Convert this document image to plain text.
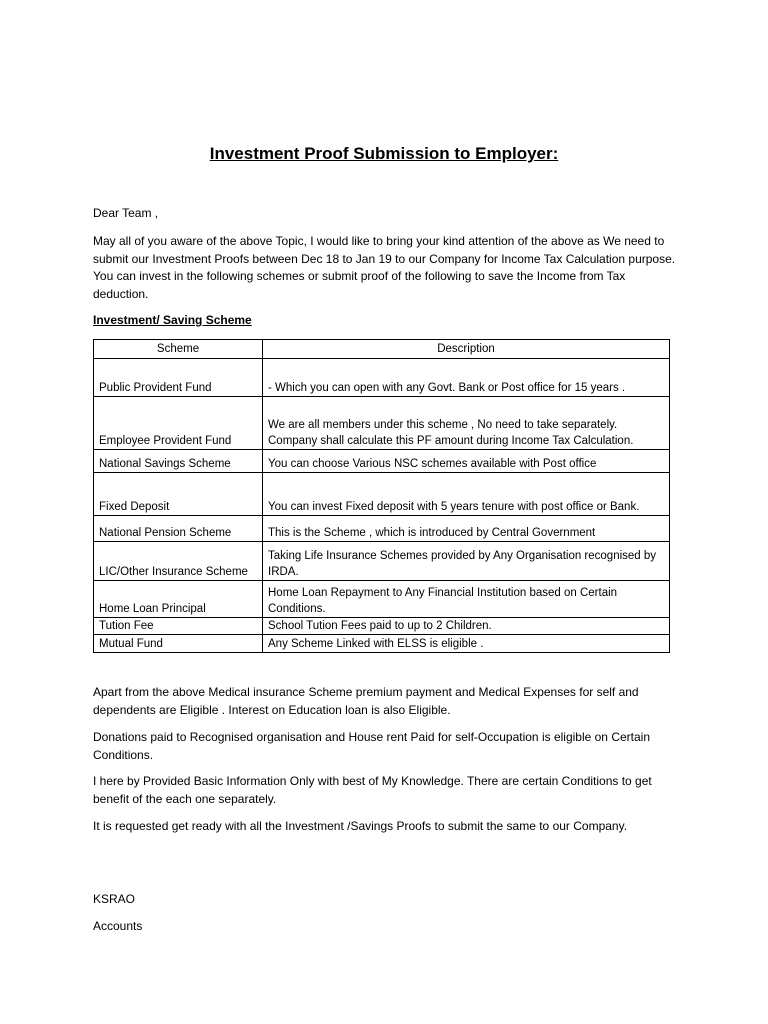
Investment Proof Submission to Employer:
Dear Team ,
May all of you aware of the above Topic, I would like to bring your kind attention of the above as We need to submit our Investment Proofs between Dec 18 to Jan 19 to our Company for Income Tax Calculation purpose. You can invest in the following schemes or submit proof of the following to save the Income from Tax deduction.
Investment/ Saving Scheme
Scheme	Description
Public Provident Fund	- Which you can open with any Govt. Bank or Post office for 15 years .
Employee Provident Fund	We are all members under this scheme , No need to take separately. Company shall calculate this PF amount during Income Tax Calculation.
National Savings Scheme	You can choose Various NSC schemes available with Post office
Fixed Deposit	You can invest Fixed deposit with 5 years tenure with post office or Bank.
National Pension Scheme	This is the Scheme , which is introduced by Central Government
LIC/Other Insurance Scheme	Taking Life Insurance Schemes provided by Any Organisation recognised by IRDA.
Home Loan Principal	Home Loan Repayment to Any Financial Institution based on Certain Conditions.
Tution Fee	School Tution Fees paid to up to 2 Children.
Mutual Fund	Any Scheme Linked with ELSS is eligible .
Apart from the above Medical insurance Scheme premium payment and Medical Expenses for self and dependents are Eligible . Interest on Education loan is also Eligible.
Donations paid to Recognised organisation and House rent Paid for self-Occupation is eligible on Certain Conditions.
I here by Provided Basic Information Only with best of My Knowledge. There are certain Conditions to get benefit of the each one separately.
It is requested get ready with all the Investment /Savings Proofs to submit the same to our Company.
KSRAO
Accounts
